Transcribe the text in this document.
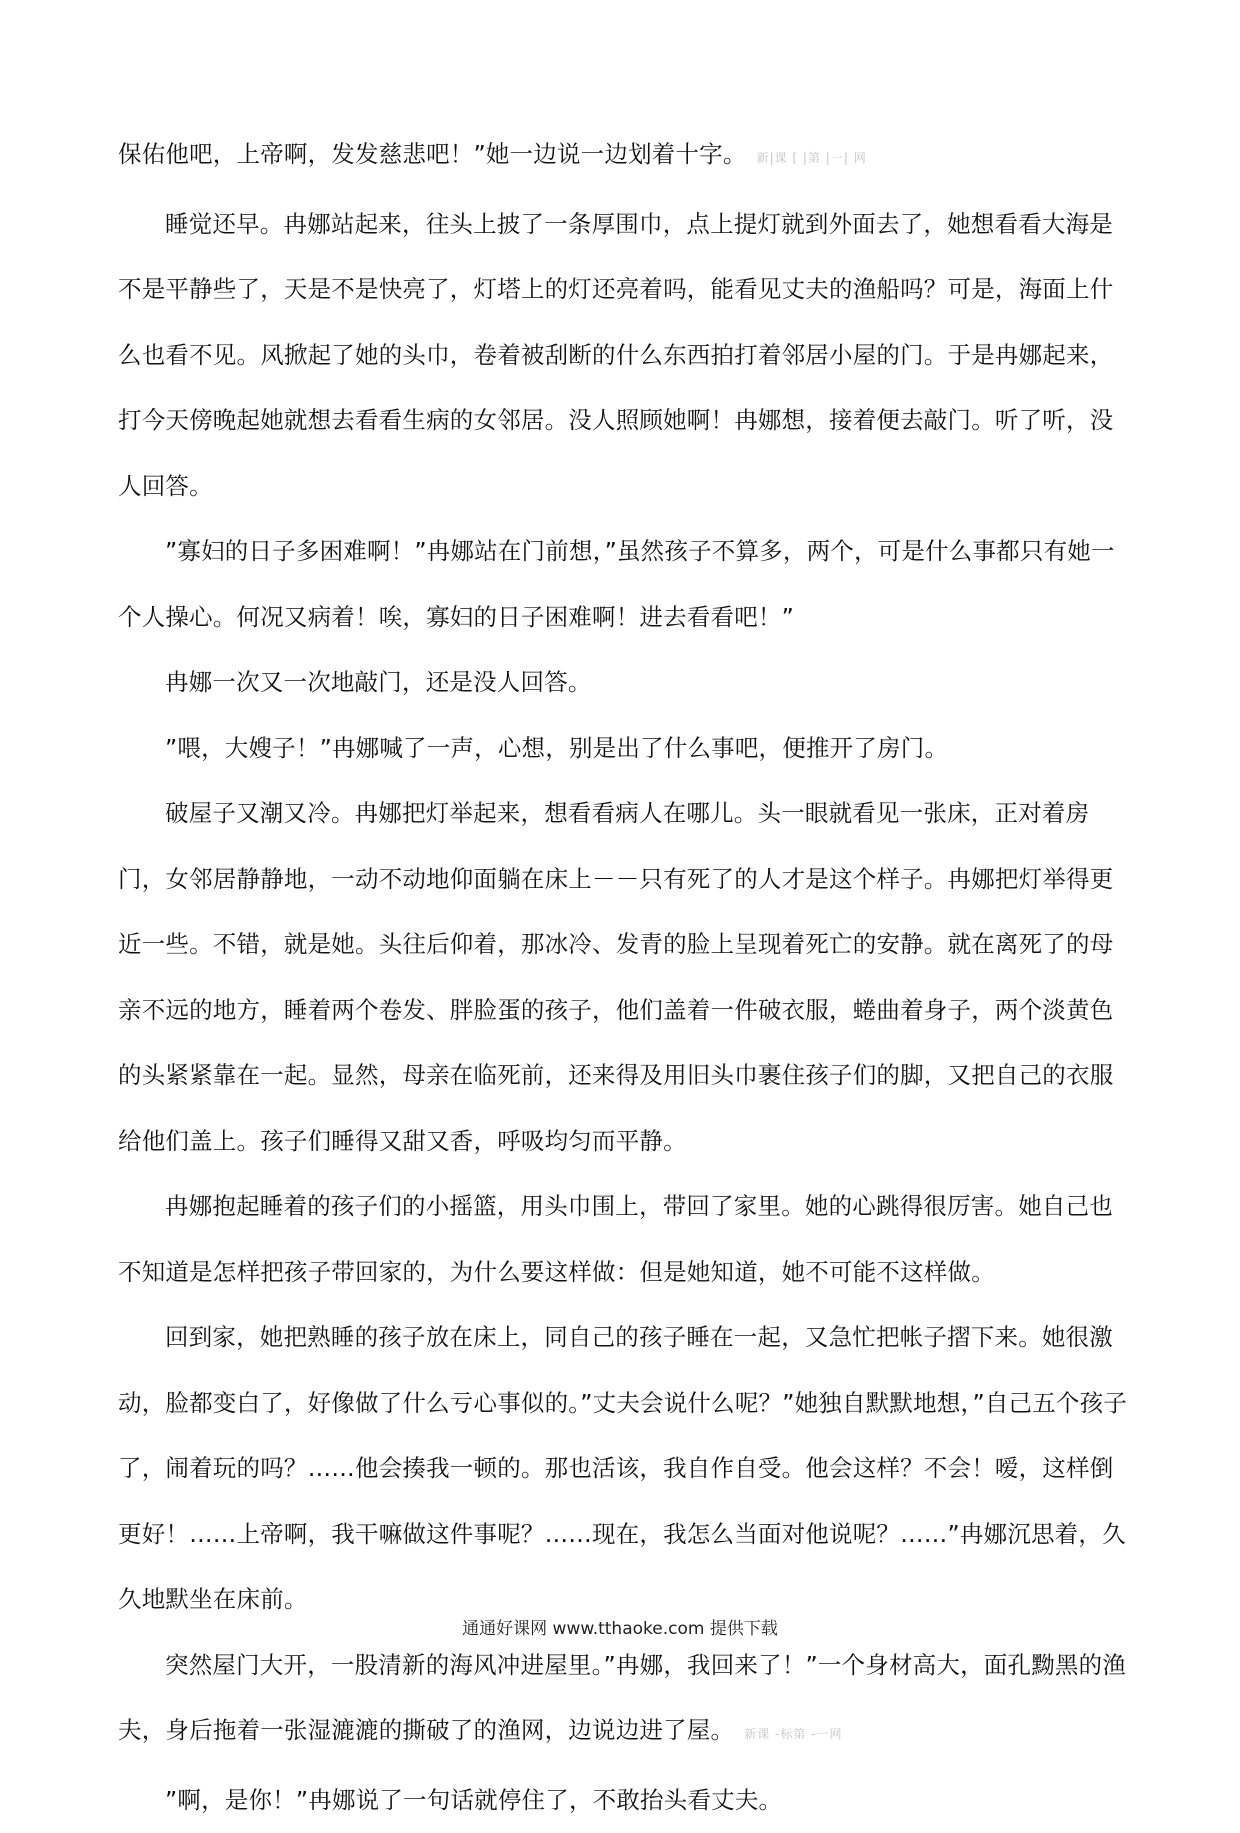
保佑他吧，上帝啊，发发慈悲吧！”她一边说一边划着十字。 新|课 [ |第 |一| 网

睡觉还早。冉娜站起来，往头上披了一条厚围巾，点上提灯就到外面去了，她想看看大海是不是平静些了，天是不是快亮了，灯塔上的灯还亮着吗，能看见丈夫的渔船吗？可是，海面上什么也看不见。风掀起了她的头巾，卷着被刮断的什么东西拍打着邻居小屋的门。于是冉娜起来，打今天傍晚起她就想去看看生病的女邻居。没人照顾她啊！冉娜想，接着便去敲门。听了听，没人回答。

”寡妇的日子多困难啊！”冉娜站在门前想，”虽然孩子不算多，两个，可是什么事都只有她一个人操心。何况又病着！唉，寡妇的日子困难啊！进去看看吧！”

冉娜一次又一次地敲门，还是没人回答。

”喂，大嫂子！”冉娜喊了一声，心想，别是出了什么事吧，便推开了房门。

破屋子又潮又冷。冉娜把灯举起来，想看看病人在哪儿。头一眼就看见一张床，正对着房门，女邻居静静地，一动不动地仰面躺在床上－－只有死了的人才是这个样子。冉娜把灯举得更近一些。不错，就是她。头往后仰着，那冰冷、发青的脸上呈现着死亡的安静。就在离死了的母亲不远的地方，睡着两个卷发、胖脸蛋的孩子，他们盖着一件破衣服，蜷曲着身子，两个淡黄色的头紧紧靠在一起。显然，母亲在临死前，还来得及用旧头巾裹住孩子们的脚，又把自己的衣服给他们盖上。孩子们睡得又甜又香，呼吸均匀而平静。

冉娜抱起睡着的孩子们的小摇篮，用头巾围上，带回了家里。她的心跳得很厉害。她自己也不知道是怎样把孩子带回家的，为什么要这样做：但是她知道，她不可能不这样做。

回到家，她把熟睡的孩子放在床上，同自己的孩子睡在一起，又急忙把帐子摺下来。她很激动，脸都变白了，好像做了什么亏心事似的。”丈夫会说什么呢？”她独自默默地想，”自己五个孩子了，闹着玩的吗？……他会揍我一顿的。那也活该，我自作自受。他会这样？不会！嗳，这样倒更好！……上帝啊，我干嘛做这件事呢？……现在，我怎么当面对他说呢？……”冉娜沉思着，久久地默坐在床前。

突然屋门大开，一股清新的海风冲进屋里。”冉娜，我回来了！”一个身材高大，面孔黝黑的渔夫，身后拖着一张湿漉漉的撕破了的渔网，边说边进了屋。 新课 -标第 -一网

”啊，是你！”冉娜说了一句话就停住了，不敢抬头看丈夫。

通通好课网 www.tthaoke.com 提供下载
